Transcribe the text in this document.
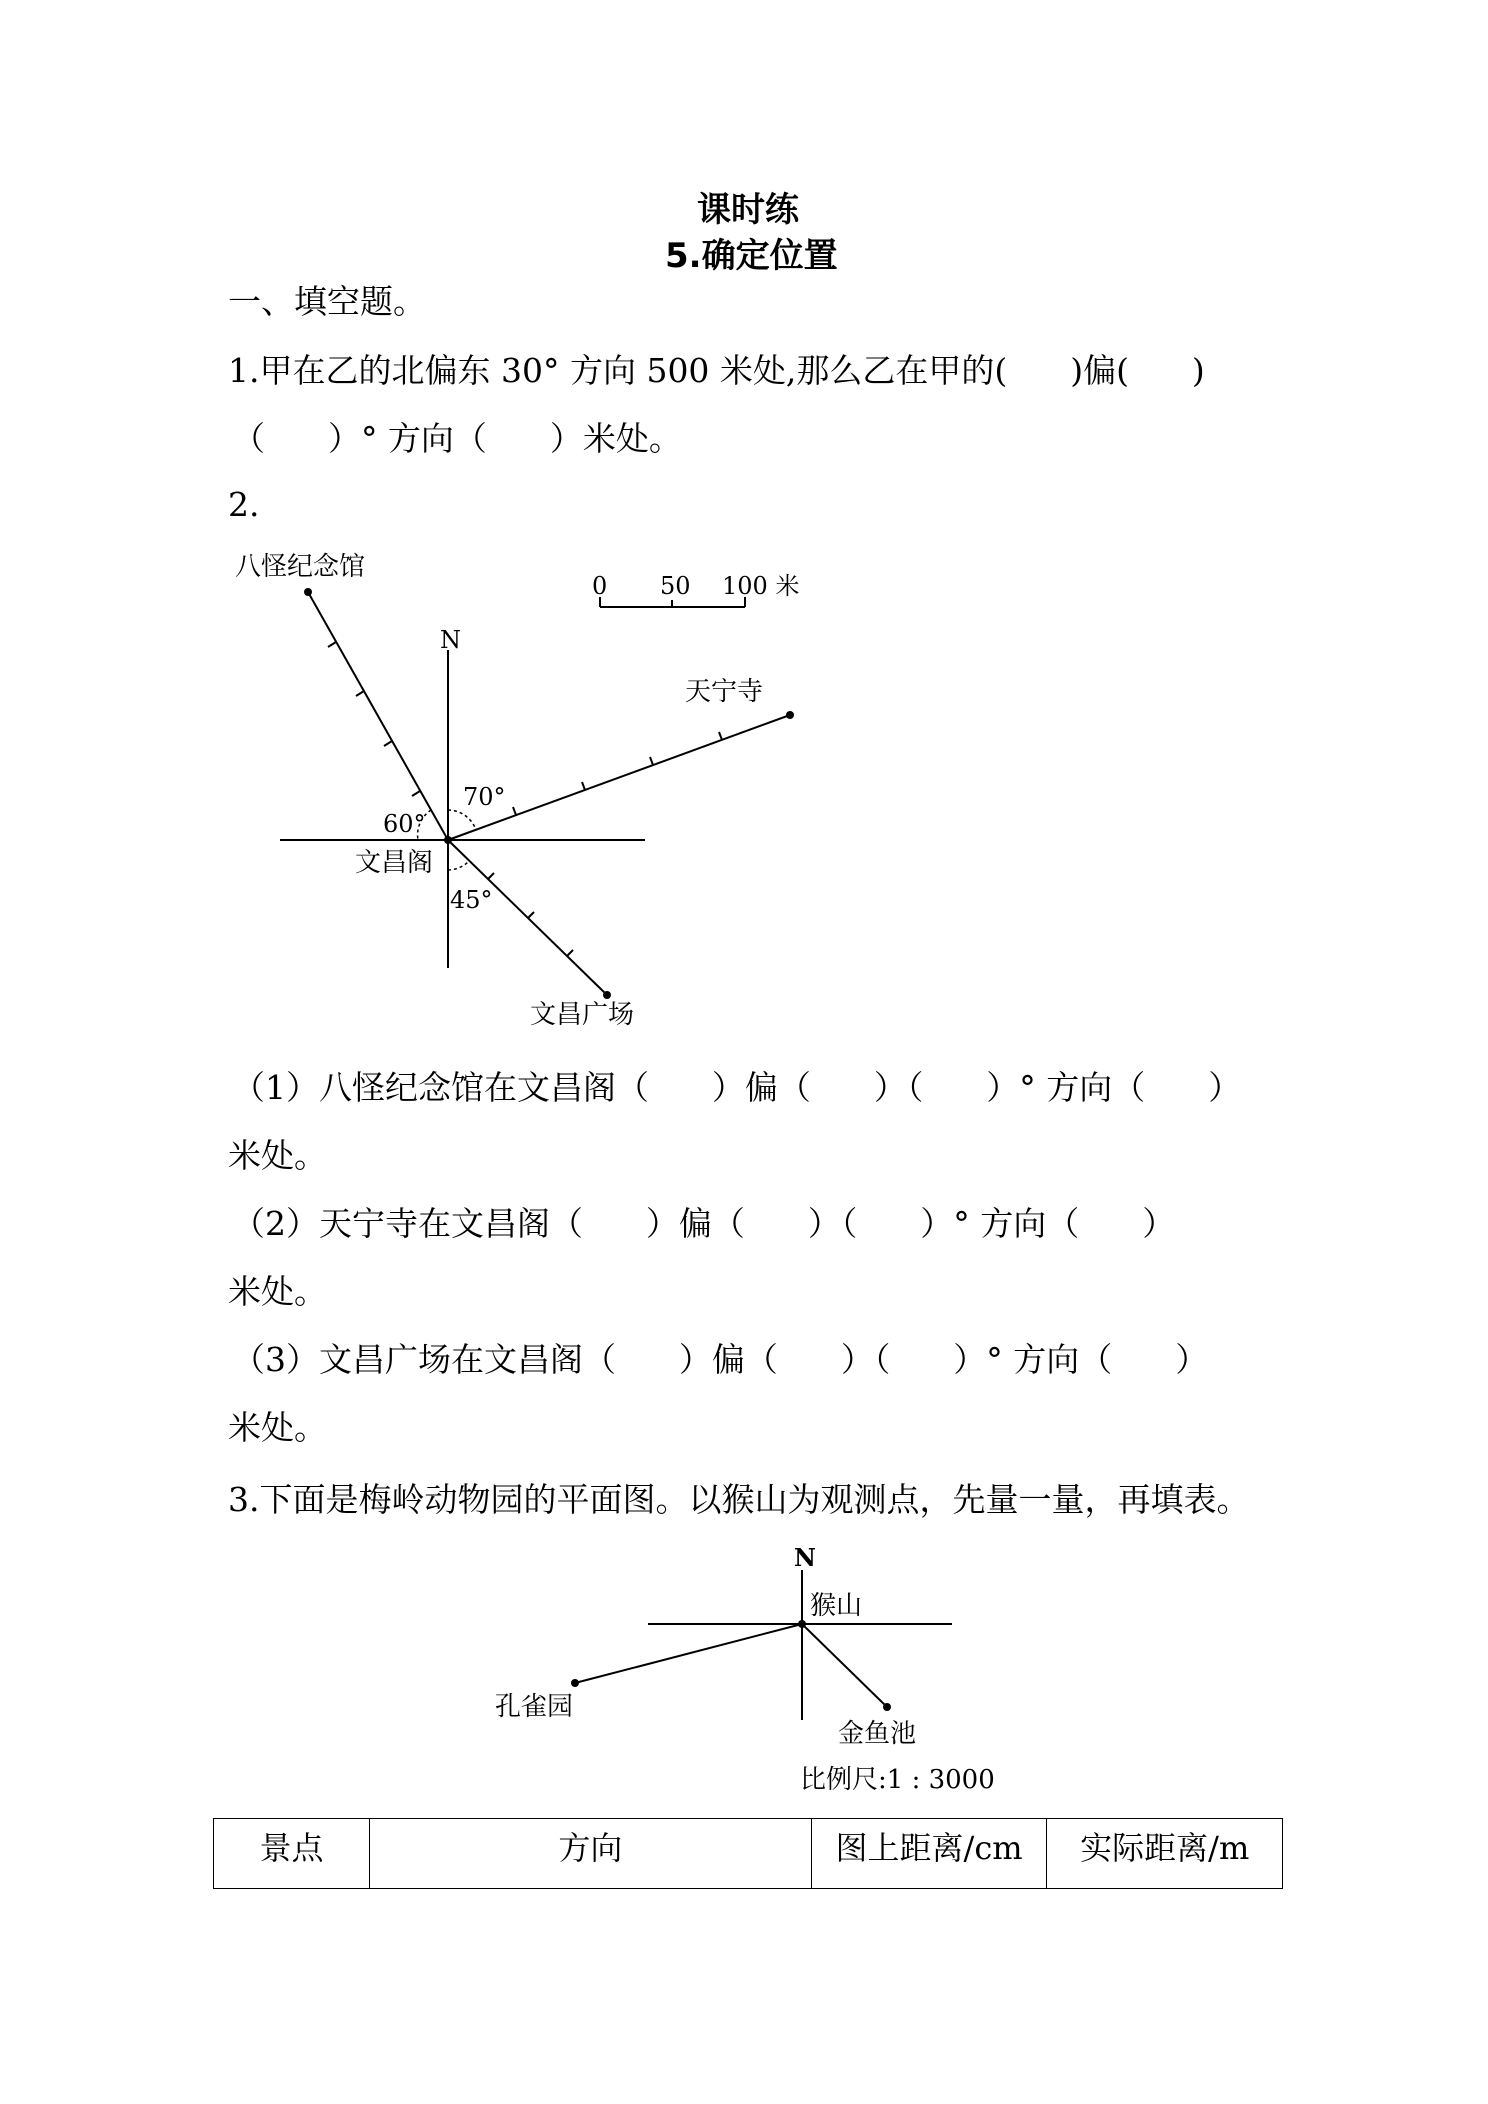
课时练
5.确定位置
一、填空题。
1.甲在乙的北偏东 30° 方向 500 米处,那么乙在甲的(      )偏(      )
（      ）° 方向（      ）米处。
2.
八怪纪念馆
N
天宁寺
70°
60°
文昌阁
45°
文昌广场
0 50 100 米
（1）八怪纪念馆在文昌阁（      ）偏（      ）（      ）° 方向（      ）
米处。
（2）天宁寺在文昌阁（      ）偏（      ）（      ）° 方向（      ）
米处。
（3）文昌广场在文昌阁（      ）偏（      ）（      ）° 方向（      ）
米处。
3.下面是梅岭动物园的平面图。以猴山为观测点，先量一量，再填表。
N
猴山
孔雀园
金鱼池
比例尺:1 : 3000
景点	方向	图上距离/cm	实际距离/m
